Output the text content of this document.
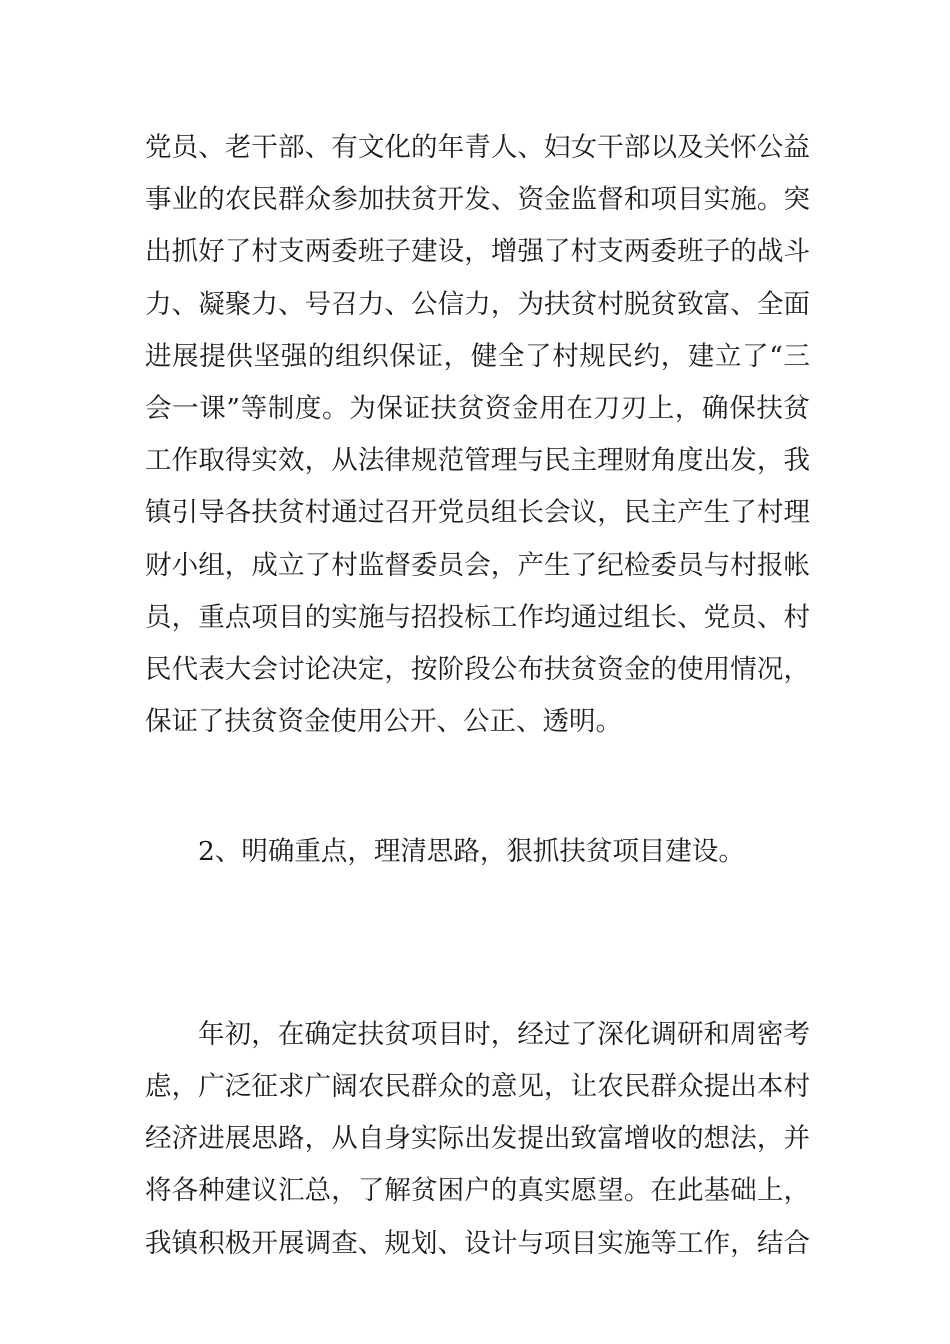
党员、老干部、有文化的年青人、妇女干部以及关怀公益
事业的农民群众参加扶贫开发、资金监督和项目实施。突
出抓好了村支两委班子建设，增强了村支两委班子的战斗
力、凝聚力、号召力、公信力，为扶贫村脱贫致富、全面
进展提供坚强的组织保证，健全了村规民约，建立了“三
会一课”等制度。为保证扶贫资金用在刀刃上，确保扶贫
工作取得实效，从法律规范管理与民主理财角度出发，我
镇引导各扶贫村通过召开党员组长会议，民主产生了村理
财小组，成立了村监督委员会，产生了纪检委员与村报帐
员，重点项目的实施与招投标工作均通过组长、党员、村
民代表大会讨论决定，按阶段公布扶贫资金的使用情况，
保证了扶贫资金使用公开、公正、透明。
2、明确重点，理清思路，狠抓扶贫项目建设。
年初，在确定扶贫项目时，经过了深化调研和周密考
虑，广泛征求广阔农民群众的意见，让农民群众提出本村
经济进展思路，从自身实际出发提出致富增收的想法，并
将各种建议汇总，了解贫困户的真实愿望。在此基础上，
我镇积极开展调查、规划、设计与项目实施等工作，结合
